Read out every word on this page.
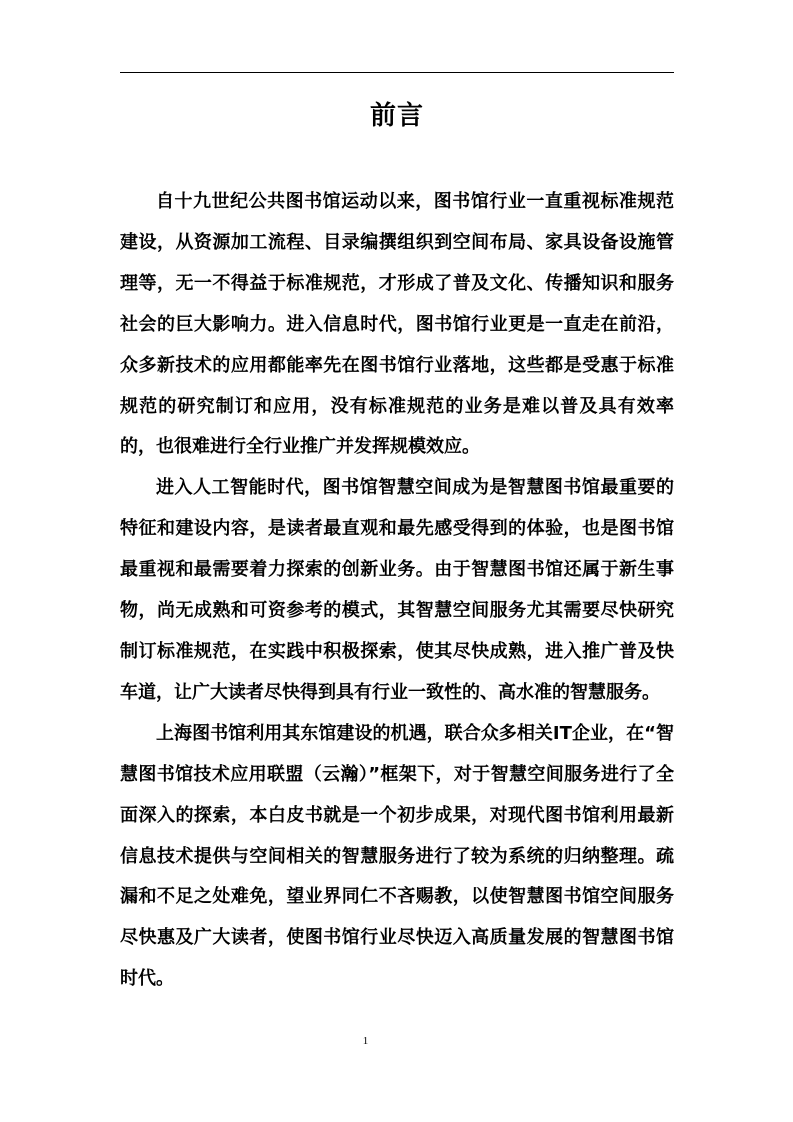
前言

自十九世纪公共图书馆运动以来，图书馆行业一直重视标准规范建设，从资源加工流程、目录编撰组织到空间布局、家具设备设施管理等，无一不得益于标准规范，才形成了普及文化、传播知识和服务社会的巨大影响力。进入信息时代，图书馆行业更是一直走在前沿，众多新技术的应用都能率先在图书馆行业落地，这些都是受惠于标准规范的研究制订和应用，没有标准规范的业务是难以普及具有效率的，也很难进行全行业推广并发挥规模效应。

进入人工智能时代，图书馆智慧空间成为是智慧图书馆最重要的特征和建设内容，是读者最直观和最先感受得到的体验，也是图书馆最重视和最需要着力探索的创新业务。由于智慧图书馆还属于新生事物，尚无成熟和可资参考的模式，其智慧空间服务尤其需要尽快研究制订标准规范，在实践中积极探索，使其尽快成熟，进入推广普及快车道，让广大读者尽快得到具有行业一致性的、高水准的智慧服务。

上海图书馆利用其东馆建设的机遇，联合众多相关IT企业，在“智慧图书馆技术应用联盟（云瀚）”框架下，对于智慧空间服务进行了全面深入的探索，本白皮书就是一个初步成果，对现代图书馆利用最新信息技术提供与空间相关的智慧服务进行了较为系统的归纳整理。疏漏和不足之处难免，望业界同仁不吝赐教，以使智慧图书馆空间服务尽快惠及广大读者，使图书馆行业尽快迈入高质量发展的智慧图书馆时代。

1
